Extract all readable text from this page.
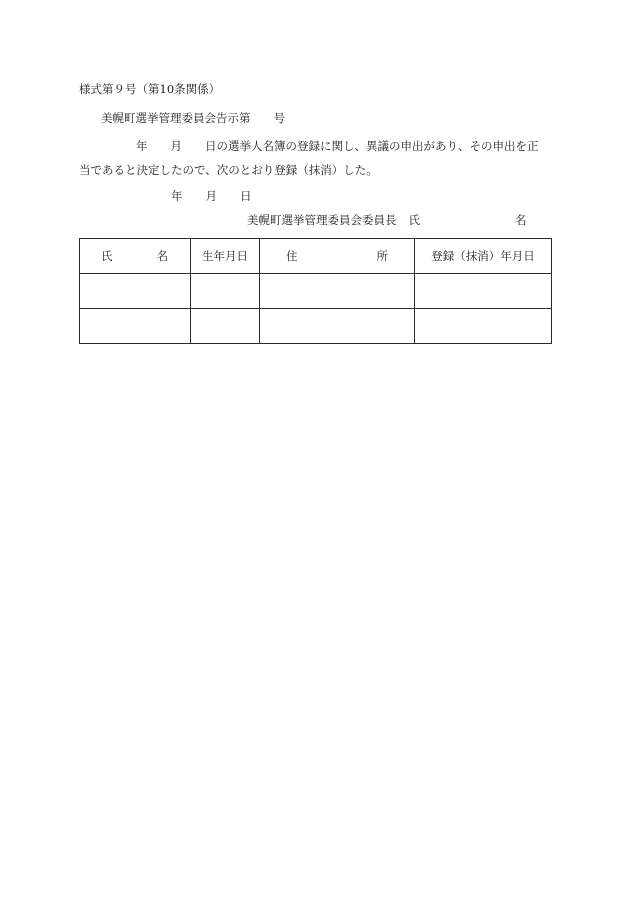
様式第９号（第10条関係）
美幌町選挙管理委員会告示第 号
年 月 日の選挙人名簿の登録に関し、異議の申出があり、その申出を正
当であると決定したので、次のとおり登録（抹消）した。
年 月 日
美幌町選挙管理委員会委員長 氏	名
氏 名	生年月日	住 所	登録（抹消）年月日
